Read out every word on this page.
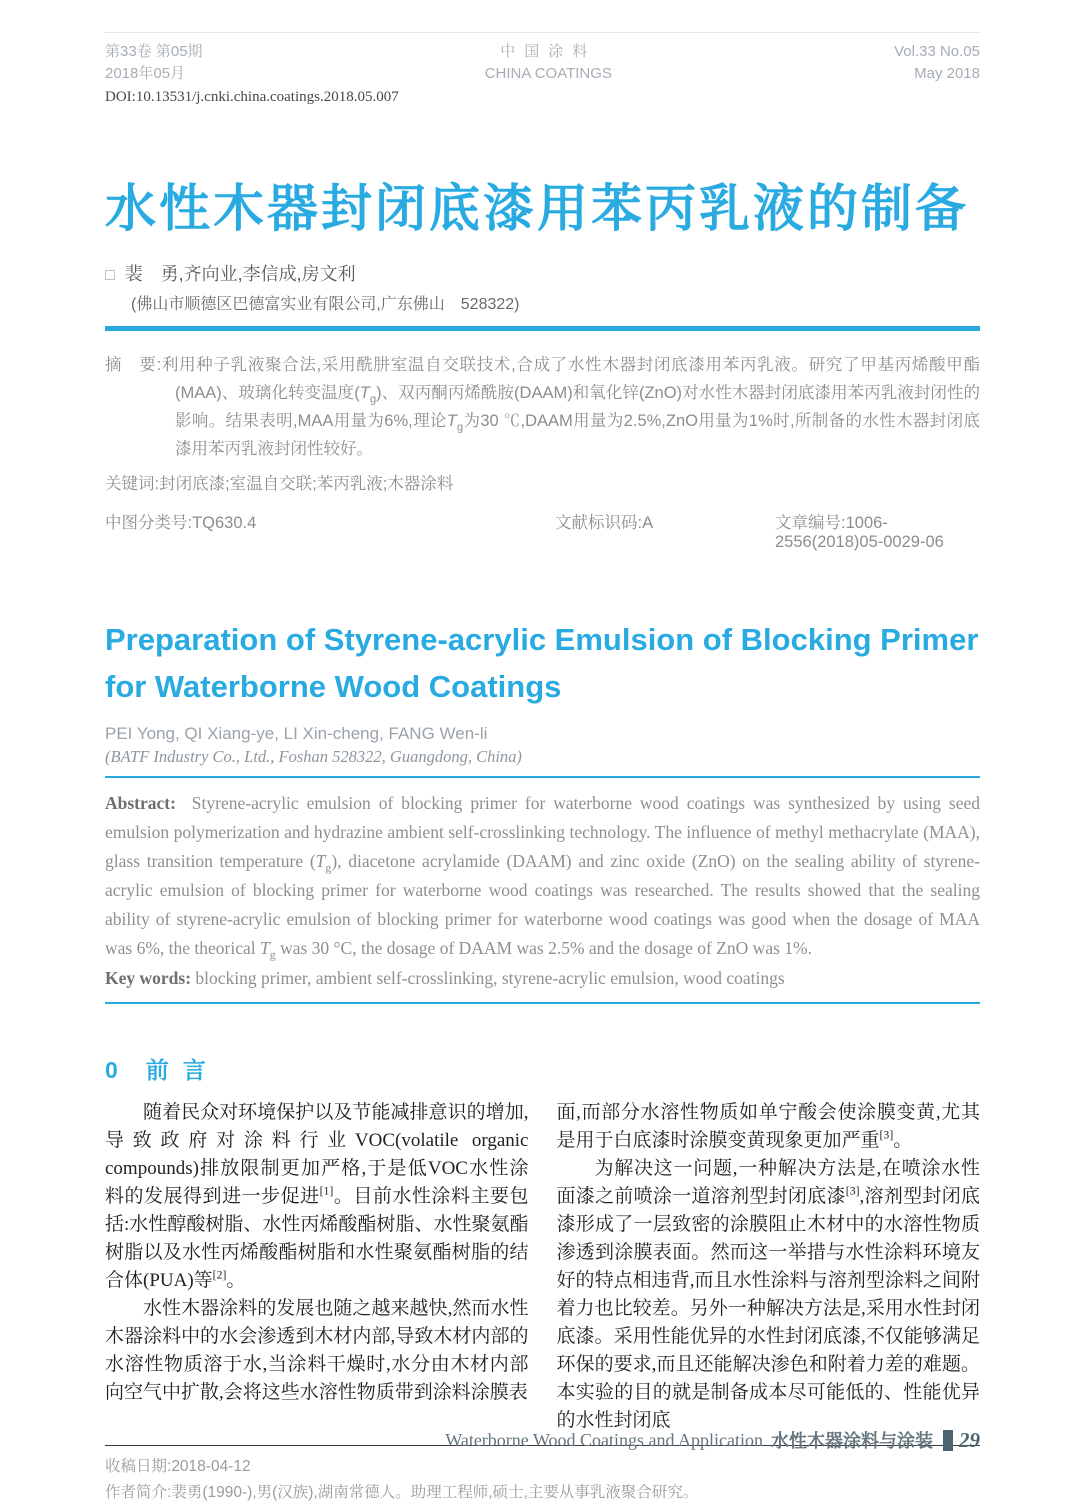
第33卷 第05期
2018年05月
中国涂料
CHINA COATINGS
Vol.33 No.05
May 2018
DOI:10.13531/j.cnki.china.coatings.2018.05.007
水性木器封闭底漆用苯丙乳液的制备
□ 裴　勇,齐向业,李信成,房文利
(佛山市顺德区巴德富实业有限公司,广东佛山　528322)

摘　要:利用种子乳液聚合法,采用酰肼室温自交联技术,合成了水性木器封闭底漆用苯丙乳液。研究了甲基丙烯酸甲酯(MAA)、玻璃化转变温度$(T_g)$、双丙酮丙烯酰胺(DAAM)和氧化锌(ZnO)对水性木器封闭底漆用苯丙乳液封闭性的影响。结果表明,MAA用量为6%,理论$T_g$为30 ℃,DAAM用量为2.5%,ZnO用量为1%时,所制备的水性木器封闭底漆用苯丙乳液封闭性较好。

关键词:封闭底漆;室温自交联;苯丙乳液;木器涂料

中图分类号:TQ630.4	文献标识码:A	文章编号:1006-2556(2018)05-0029-06
Preparation of Styrene-acrylic Emulsion of Blocking Primer
for Waterborne Wood Coatings
PEI Yong, QI Xiang-ye, LI Xin-cheng, FANG Wen-li
(BATF Industry Co., Ltd., Foshan 528322, Guangdong, China)

Abstract: Styrene-acrylic emulsion of blocking primer for waterborne wood coatings was synthesized by using seed emulsion polymerization and hydrazine ambient self-crosslinking technology. The influence of methyl methacrylate (MAA), glass transition temperature $(T_g)$, diacetone acrylamide (DAAM) and zinc oxide (ZnO) on the sealing ability of styrene-acrylic emulsion of blocking primer for waterborne wood coatings was researched. The results showed that the sealing ability of styrene-acrylic emulsion of blocking primer for waterborne wood coatings was good when the dosage of MAA was 6%, the theorical $T_g$ was 30 °C, the dosage of DAAM was 2.5% and the dosage of ZnO was 1%.

Key words: blocking primer, ambient self-crosslinking, styrene-acrylic emulsion, wood coatings

0 前言

随着民众对环境保护以及节能减排意识的增加,导致政府对涂料行业VOC(volatile organic compounds)排放限制更加严格,于是低VOC水性涂料的发展得到进一步促进[1]。目前水性涂料主要包括:水性醇酸树脂、水性丙烯酸酯树脂、水性聚氨酯树脂以及水性丙烯酸酯树脂和水性聚氨酯树脂的结合体(PUA)等[2]。

水性木器涂料的发展也随之越来越快,然而水性木器涂料中的水会渗透到木材内部,导致木材内部的水溶性物质溶于水,当涂料干燥时,水分由木材内部向空气中扩散,会将这些水溶性物质带到涂料涂膜表

面,而部分水溶性物质如单宁酸会使涂膜变黄,尤其是用于白底漆时涂膜变黄现象更加严重[3]。

为解决这一问题,一种解决方法是,在喷涂水性面漆之前喷涂一道溶剂型封闭底漆[3],溶剂型封闭底漆形成了一层致密的涂膜阻止木材中的水溶性物质渗透到涂膜表面。然而这一举措与水性涂料环境友好的特点相违背,而且水性涂料与溶剂型涂料之间附着力也比较差。另外一种解决方法是,采用水性封闭底漆。采用性能优异的水性封闭底漆,不仅能够满足环保的要求,而且还能解决渗色和附着力差的难题。本实验的目的就是制备成本尽可能低的、性能优异的水性封闭底

收稿日期:2018-04-12
作者简介:裴勇(1990-),男(汉族),湖南常德人。助理工程师,硕士,主要从事乳液聚合研究。
Waterborne Wood Coatings and Application 水性木器涂料与涂装 29
